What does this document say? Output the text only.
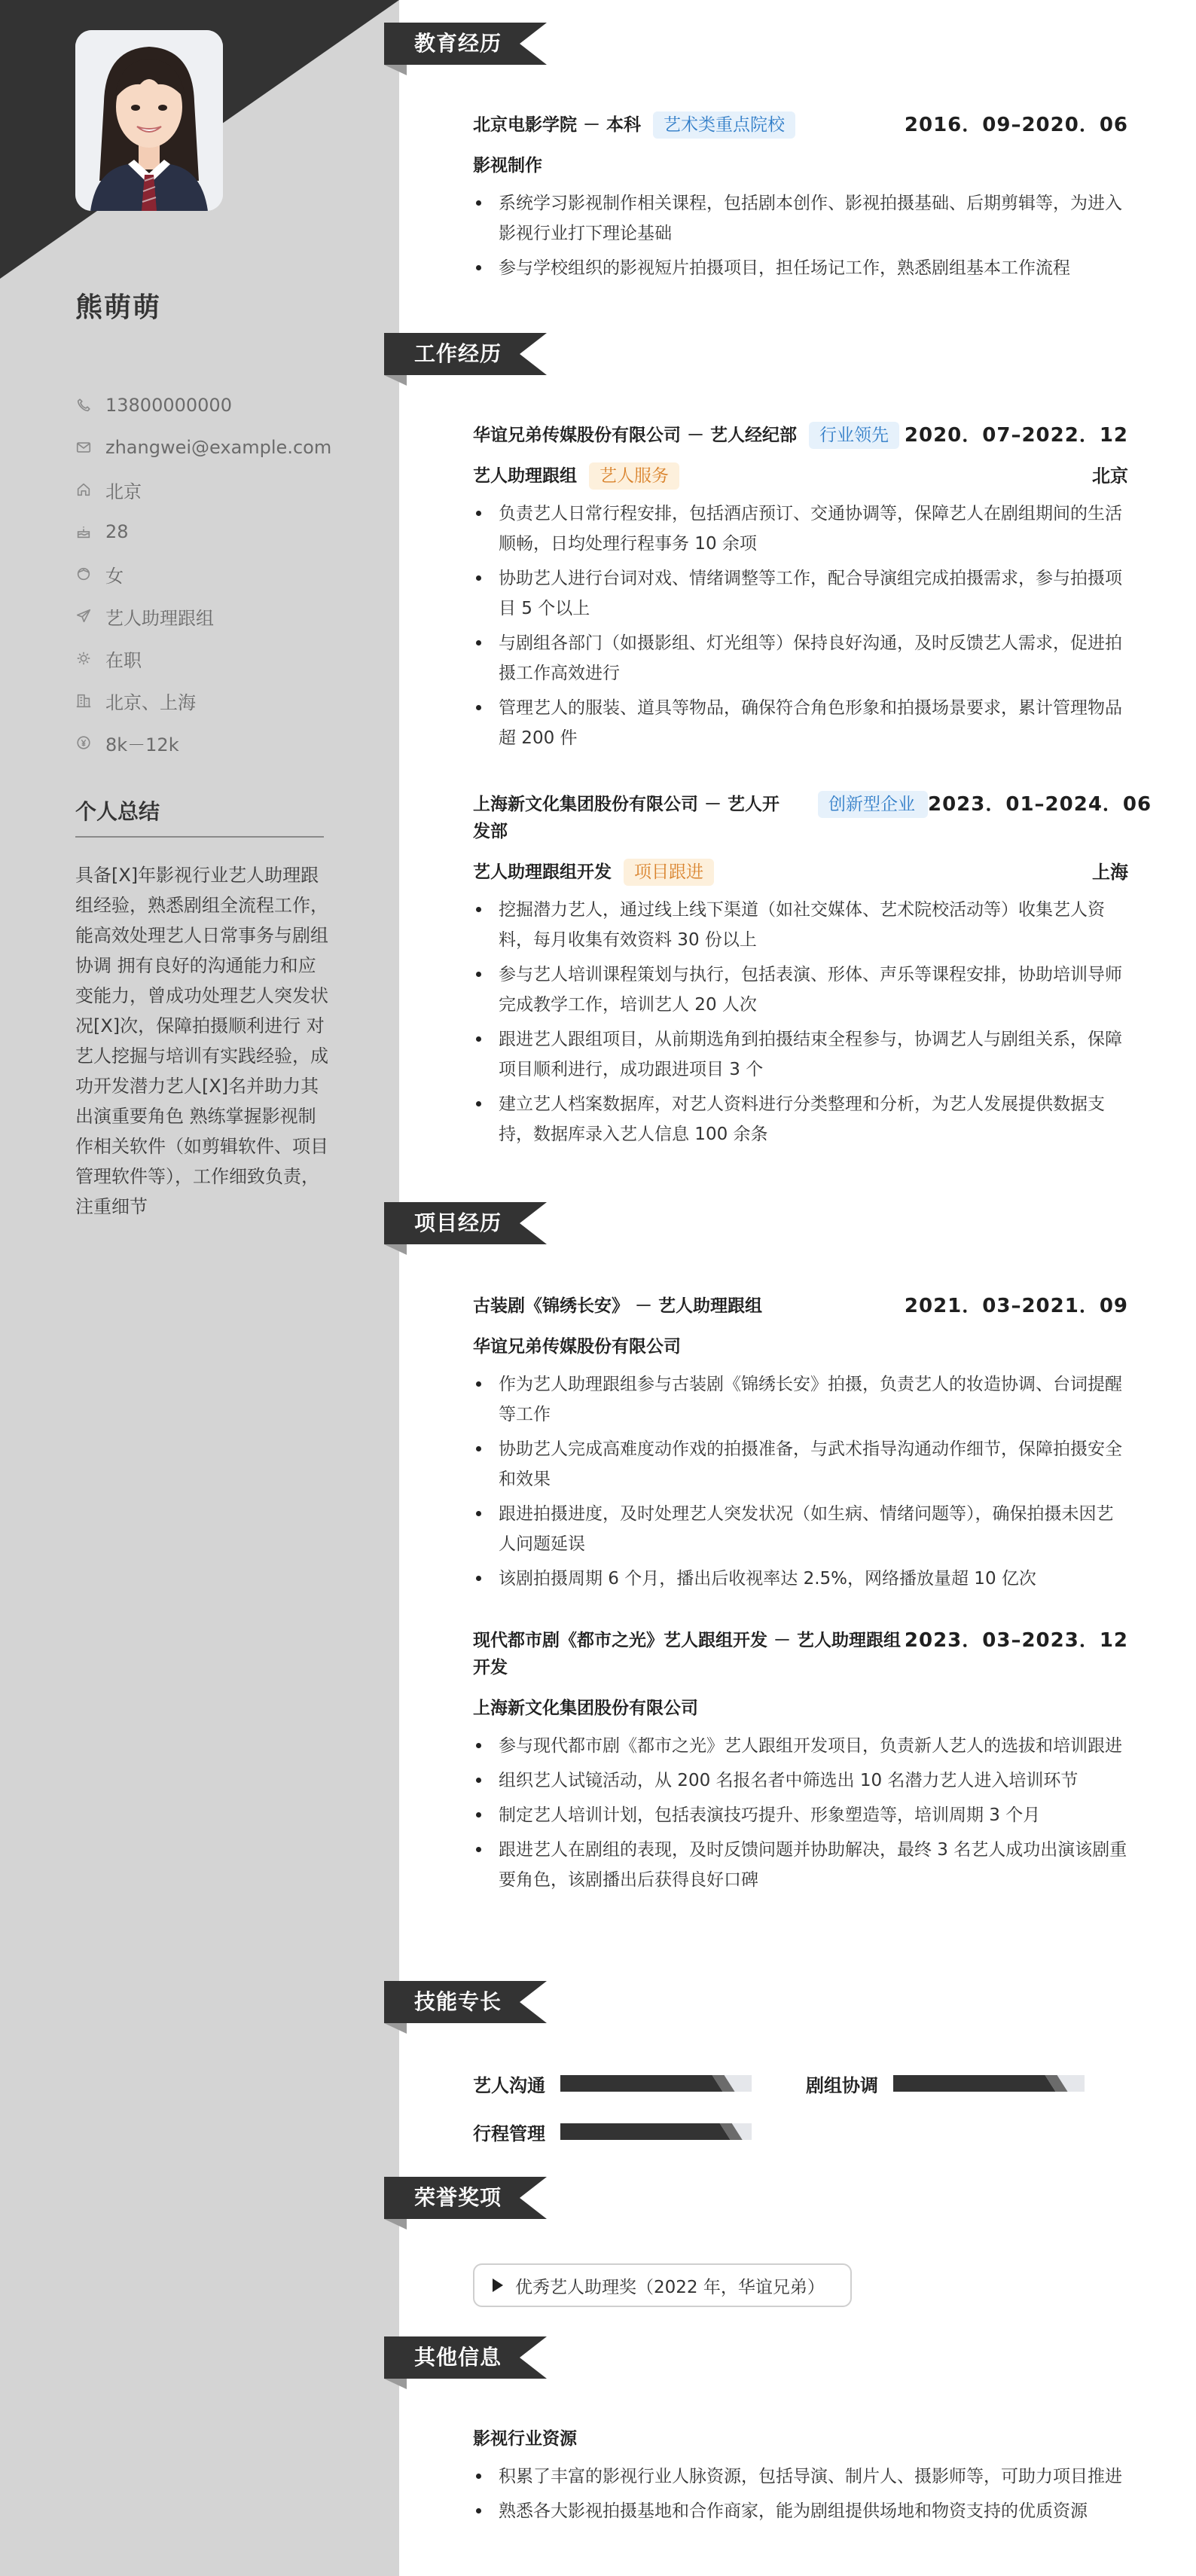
熊萌萌
13800000000
zhangwei@example.com
北京
28
女
艺人助理跟组
在职
北京、上海
8k－12k
个人总结
具备[X]年影视行业艺人助理跟组经验，熟悉剧组全流程工作，能高效处理艺人日常事务与剧组协调 拥有良好的沟通能力和应变能力，曾成功处理艺人突发状况[X]次，保障拍摄顺利进行 对艺人挖掘与培训有实践经验，成功开发潜力艺人[X]名并助力其出演重要角色 熟练掌握影视制作相关软件（如剪辑软件、项目管理软件等），工作细致负责，注重细节
教育经历
北京电影学院 － 本科 艺术类重点院校	2016．09–2020．06
影视制作
系统学习影视制作相关课程，包括剧本创作、影视拍摄基础、后期剪辑等，为进入影视行业打下理论基础
参与学校组织的影视短片拍摄项目，担任场记工作，熟悉剧组基本工作流程
工作经历
华谊兄弟传媒股份有限公司 － 艺人经纪部 行业领先 2020．07–2022．12
艺人助理跟组 艺人服务	北京
负责艺人日常行程安排，包括酒店预订、交通协调等，保障艺人在剧组期间的生活顺畅，日均处理行程事务 10 余项
协助艺人进行台词对戏、情绪调整等工作，配合导演组完成拍摄需求，参与拍摄项目 5 个以上
与剧组各部门（如摄影组、灯光组等）保持良好沟通，及时反馈艺人需求，促进拍摄工作高效进行
管理艺人的服装、道具等物品，确保符合角色形象和拍摄场景要求，累计管理物品超 200 件
上海新文化集团股份有限公司 － 艺人开发部
创新型企业 2023．01–2024．06
艺人助理跟组开发 项目跟进	上海
挖掘潜力艺人，通过线上线下渠道（如社交媒体、艺术院校活动等）收集艺人资料，每月收集有效资料 30 份以上
参与艺人培训课程策划与执行，包括表演、形体、声乐等课程安排，协助培训导师完成教学工作，培训艺人 20 人次
跟进艺人跟组项目，从前期选角到拍摄结束全程参与，协调艺人与剧组关系，保障项目顺利进行，成功跟进项目 3 个
建立艺人档案数据库，对艺人资料进行分类整理和分析，为艺人发展提供数据支持，数据库录入艺人信息 100 余条
项目经历
古装剧《锦绣长安》 － 艺人助理跟组	2021．03–2021．09
华谊兄弟传媒股份有限公司
作为艺人助理跟组参与古装剧《锦绣长安》拍摄，负责艺人的妆造协调、台词提醒等工作
协助艺人完成高难度动作戏的拍摄准备，与武术指导沟通动作细节，保障拍摄安全和效果
跟进拍摄进度，及时处理艺人突发状况（如生病、情绪问题等），确保拍摄未因艺人问题延误
该剧拍摄周期 6 个月，播出后收视率达 2.5%，网络播放量超 10 亿次
现代都市剧《都市之光》艺人跟组开发 － 艺人助理跟组开发
2023．03–2023．12
上海新文化集团股份有限公司
参与现代都市剧《都市之光》艺人跟组开发项目，负责新人艺人的选拔和培训跟进
组织艺人试镜活动，从 200 名报名者中筛选出 10 名潜力艺人进入培训环节
制定艺人培训计划，包括表演技巧提升、形象塑造等，培训周期 3 个月
跟进艺人在剧组的表现，及时反馈问题并协助解决，最终 3 名艺人成功出演该剧重要角色，该剧播出后获得良好口碑
技能专长
艺人沟通	剧组协调
行程管理
荣誉奖项
优秀艺人助理奖（2022 年，华谊兄弟）
其他信息
影视行业资源
积累了丰富的影视行业人脉资源，包括导演、制片人、摄影师等，可助力项目推进
熟悉各大影视拍摄基地和合作商家，能为剧组提供场地和物资支持的优质资源
